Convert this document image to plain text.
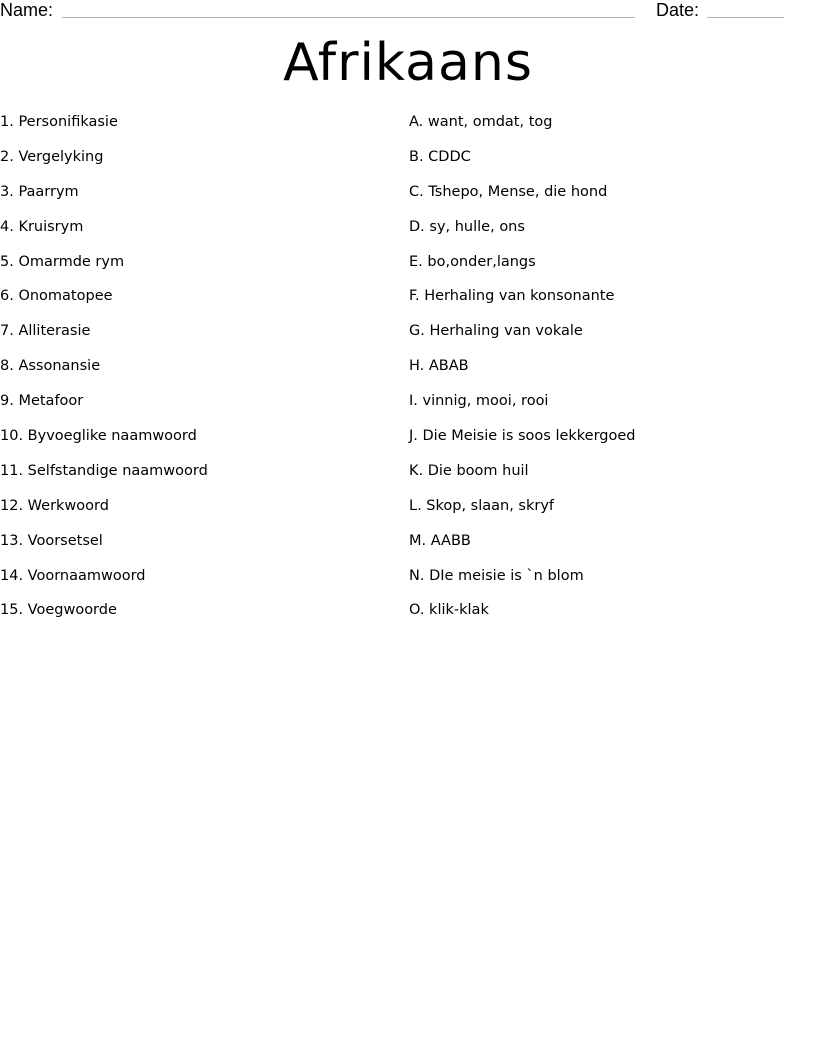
Name:	Date:
Afrikaans
1. Personifikasie
2. Vergelyking
3. Paarrym
4. Kruisrym
5. Omarmde rym
6. Onomatopee
7. Alliterasie
8. Assonansie
9. Metafoor
10. Byvoeglike naamwoord
11. Selfstandige naamwoord
12. Werkwoord
13. Voorsetsel
14. Voornaamwoord
15. Voegwoorde
A. want, omdat, tog
B. CDDC
C. Tshepo, Mense, die hond
D. sy, hulle, ons
E. bo,onder,langs
F. Herhaling van konsonante
G. Herhaling van vokale
H. ABAB
I. vinnig, mooi, rooi
J. Die Meisie is soos lekkergoed
K. Die boom huil
L. Skop, slaan, skryf
M. AABB
N. DIe meisie is `n blom
O. klik-klak
